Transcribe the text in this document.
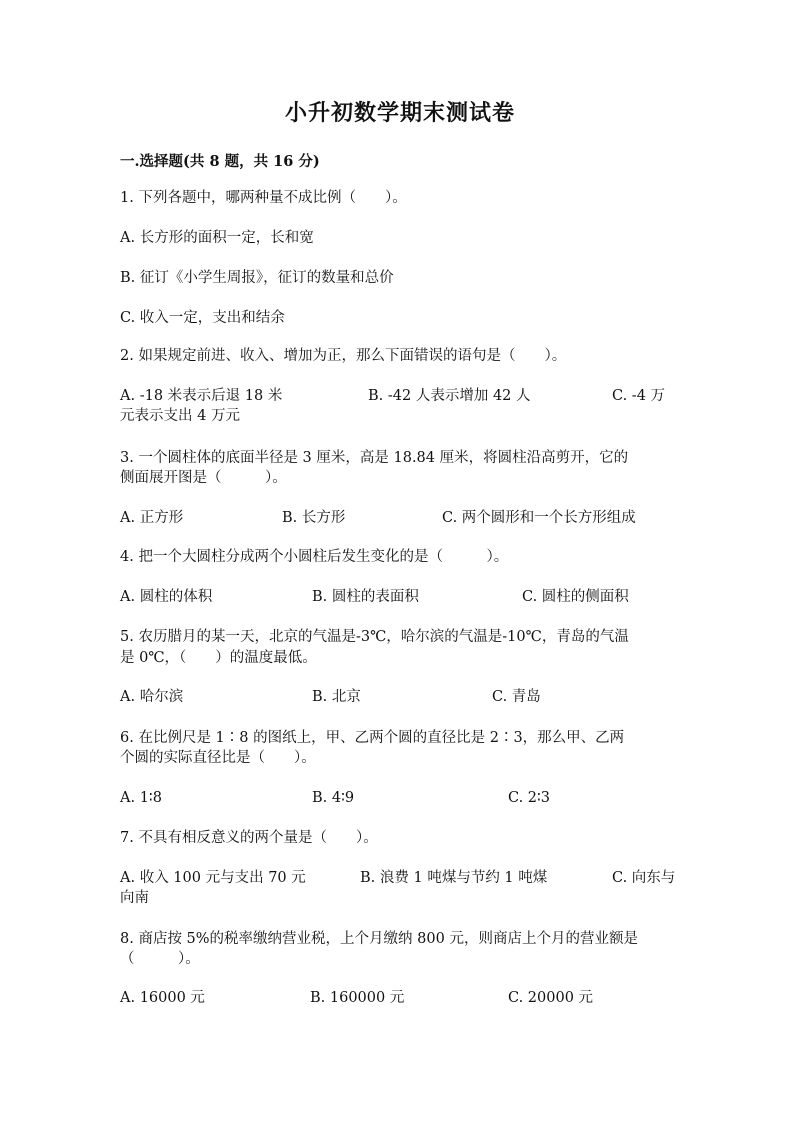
小升初数学期末测试卷
一.选择题(共 8 题，共 16 分)
1. 下列各题中，哪两种量不成比例（　　）。
A. 长方形的面积一定，长和宽
B. 征订《小学生周报》，征订的数量和总价
C. 收入一定，支出和结余
2. 如果规定前进、收入、增加为正，那么下面错误的语句是（　　）。
A. -18 米表示后退 18 米	B. -42 人表示增加 42 人	C. -4 万
元表示支出 4 万元
3. 一个圆柱体的底面半径是 3 厘米，高是 18.84 厘米，将圆柱沿高剪开，它的
侧面展开图是（　　　）。
A. 正方形	B. 长方形	C. 两个圆形和一个长方形组成
4. 把一个大圆柱分成两个小圆柱后发生变化的是（　　　）。
A. 圆柱的体积	B. 圆柱的表面积	C. 圆柱的侧面积
5. 农历腊月的某一天，北京的气温是-3℃，哈尔滨的气温是-10℃，青岛的气温
是 0℃，（　　）的温度最低。
A. 哈尔滨	B. 北京	C. 青岛
6. 在比例尺是 1∶8 的图纸上，甲、乙两个圆的直径比是 2∶3，那么甲、乙两
个圆的实际直径比是（　　）。
A. 1∶8	B. 4∶9	C. 2∶3
7. 不具有相反意义的两个量是（　　）。
A. 收入 100 元与支出 70 元	B. 浪费 1 吨煤与节约 1 吨煤	C. 向东与
向南
8. 商店按 5%的税率缴纳营业税，上个月缴纳 800 元，则商店上个月的营业额是
（　　　）。
A. 16000 元	B. 160000 元	C. 20000 元
